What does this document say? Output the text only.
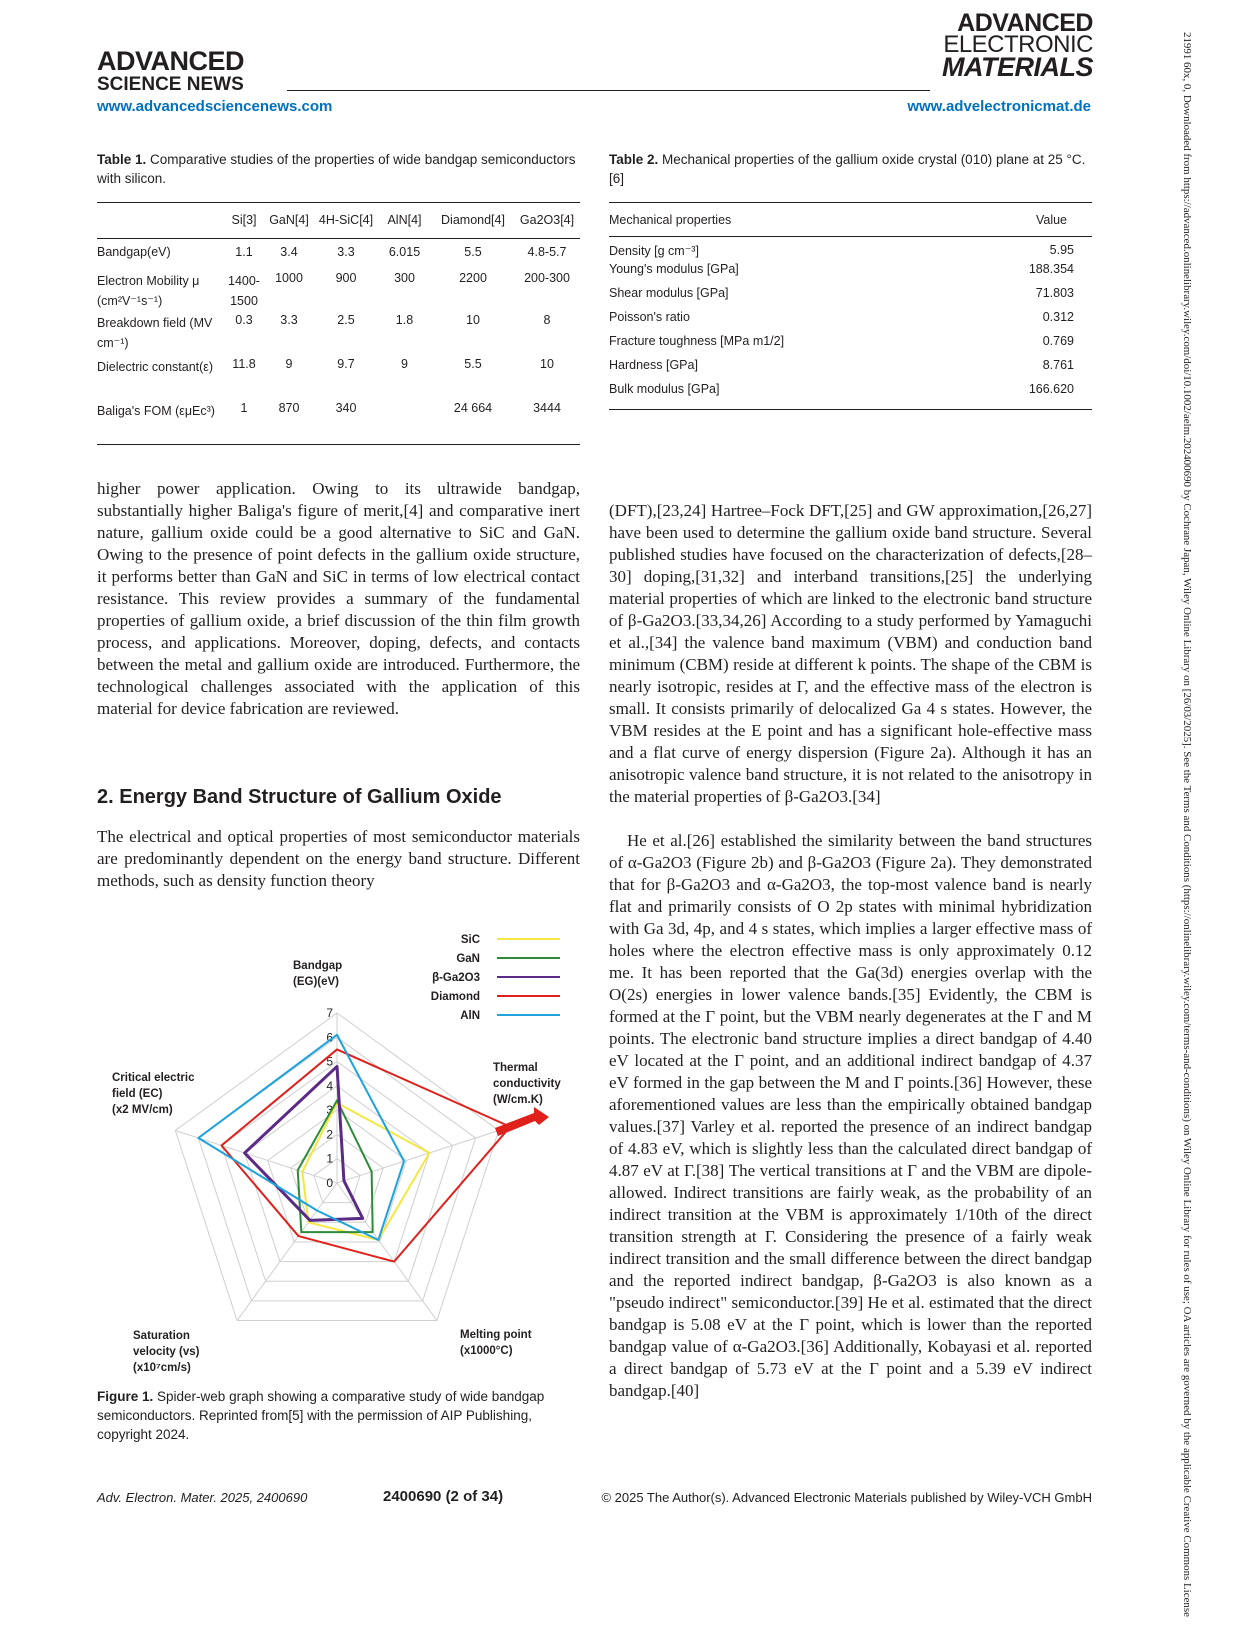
ADVANCED
SCIENCE NEWS
ADVANCED
ELECTRONIC
MATERIALS
www.advancedsciencenews.com	www.advelectronicmat.de
Table 1. Comparative studies of the properties of wide bandgap semiconductors with silicon.
	Si[3]	GaN[4]	4H-SiC[4]	AlN[4]	Diamond[4]	Ga2O3[4]
Bandgap(eV)	1.1	3.4	3.3	6.015	5.5	4.8-5.7
Electron Mobility μ (cm²V⁻¹s⁻¹)	1400-1500	1000	900	300	2200	200-300
Breakdown field (MV cm⁻¹)	0.3	3.3	2.5	1.8	10	8
Dielectric constant(ε)	11.8	9	9.7	9	5.5	10
Baliga's FOM (εμEc³)	1	870	340		24 664	3444
Table 2. Mechanical properties of the gallium oxide crystal (010) plane at 25 °C.[6]
Mechanical properties	Value
Density [g cm⁻³]	5.95
Young's modulus [GPa]	188.354
Shear modulus [GPa]	71.803
Poisson's ratio	0.312
Fracture toughness [MPa m1/2]	0.769
Hardness [GPa]	8.761
Bulk modulus [GPa]	166.620
higher power application. Owing to its ultrawide bandgap, substantially higher Baliga's figure of merit,[4] and comparative inert nature, gallium oxide could be a good alternative to SiC and GaN. Owing to the presence of point defects in the gallium oxide structure, it performs better than GaN and SiC in terms of low electrical contact resistance. This review provides a summary of the fundamental properties of gallium oxide, a brief discussion of the thin film growth process, and applications. Moreover, doping, defects, and contacts between the metal and gallium oxide are introduced. Furthermore, the technological challenges associated with the application of this material for device fabrication are reviewed.
2. Energy Band Structure of Gallium Oxide
The electrical and optical properties of most semiconductor materials are predominantly dependent on the energy band structure. Different methods, such as density function theory
0
1
2
3
4
5
6
7
Bandgap (EG)(eV)
Thermal conductivity (W/cm.K)
Melting point (x1000°C)
Saturation velocity (vs) (x10⁷cm/s)
Critical electric field (EC) (x2 MV/cm)
SiC
GaN
β-Ga2O3
Diamond
AlN
Figure 1. Spider-web graph showing a comparative study of wide bandgap semiconductors. Reprinted from[5] with the permission of AIP Publishing, copyright 2024.
(DFT),[23,24] Hartree–Fock DFT,[25] and GW approximation,[26,27] have been used to determine the gallium oxide band structure. Several published studies have focused on the characterization of defects,[28–30] doping,[31,32] and interband transitions,[25] the underlying material properties of which are linked to the electronic band structure of β-Ga2O3.[33,34,26] According to a study performed by Yamaguchi et al.,[34] the valence band maximum (VBM) and conduction band minimum (CBM) reside at different k points. The shape of the CBM is nearly isotropic, resides at Γ, and the effective mass of the electron is small. It consists primarily of delocalized Ga 4 s states. However, the VBM resides at the E point and has a significant hole-effective mass and a flat curve of energy dispersion (Figure 2a). Although it has an anisotropic valence band structure, it is not related to the anisotropy in the material properties of β-Ga2O3.[34]
He et al.[26] established the similarity between the band structures of α-Ga2O3 (Figure 2b) and β-Ga2O3 (Figure 2a). They demonstrated that for β-Ga2O3 and α-Ga2O3, the top-most valence band is nearly flat and primarily consists of O 2p states with minimal hybridization with Ga 3d, 4p, and 4 s states, which implies a larger effective mass of holes where the electron effective mass is only approximately 0.12 me. It has been reported that the Ga(3d) energies overlap with the O(2s) energies in lower valence bands.[35] Evidently, the CBM is formed at the Γ point, but the VBM nearly degenerates at the Γ and M points. The electronic band structure implies a direct bandgap of 4.40 eV located at the Γ point, and an additional indirect bandgap of 4.37 eV formed in the gap between the M and Γ points.[36] However, these aforementioned values are less than the empirically obtained bandgap values.[37] Varley et al. reported the presence of an indirect bandgap of 4.83 eV, which is slightly less than the calculated direct bandgap of 4.87 eV at Γ.[38] The vertical transitions at Γ and the VBM are dipole-allowed. Indirect transitions are fairly weak, as the probability of an indirect transition at the VBM is approximately 1/10th of the direct transition strength at Γ. Considering the presence of a fairly weak indirect transition and the small difference between the direct bandgap and the reported indirect bandgap, β-Ga2O3 is also known as a "pseudo indirect" semiconductor.[39] He et al. estimated that the direct bandgap is 5.08 eV at the Γ point, which is lower than the reported bandgap value of α-Ga2O3.[36] Additionally, Kobayasi et al. reported a direct bandgap of 5.73 eV at the Γ point and a 5.39 eV indirect bandgap.[40]
Adv. Electron. Mater. 2025, 2400690	2400690 (2 of 34)	© 2025 The Author(s). Advanced Electronic Materials published by Wiley-VCH GmbH
21991 60x, 0, Downloaded from https://advanced.onlinelibrary.wiley.com/doi/10.1002/aelm.202400690 by Cochrane Japan, Wiley Online Library on [26/03/2025]. See the Terms and Conditions (https://onlinelibrary.wiley.com/terms-and-conditions) on Wiley Online Library for rules of use; OA articles are governed by the applicable Creative Commons License
